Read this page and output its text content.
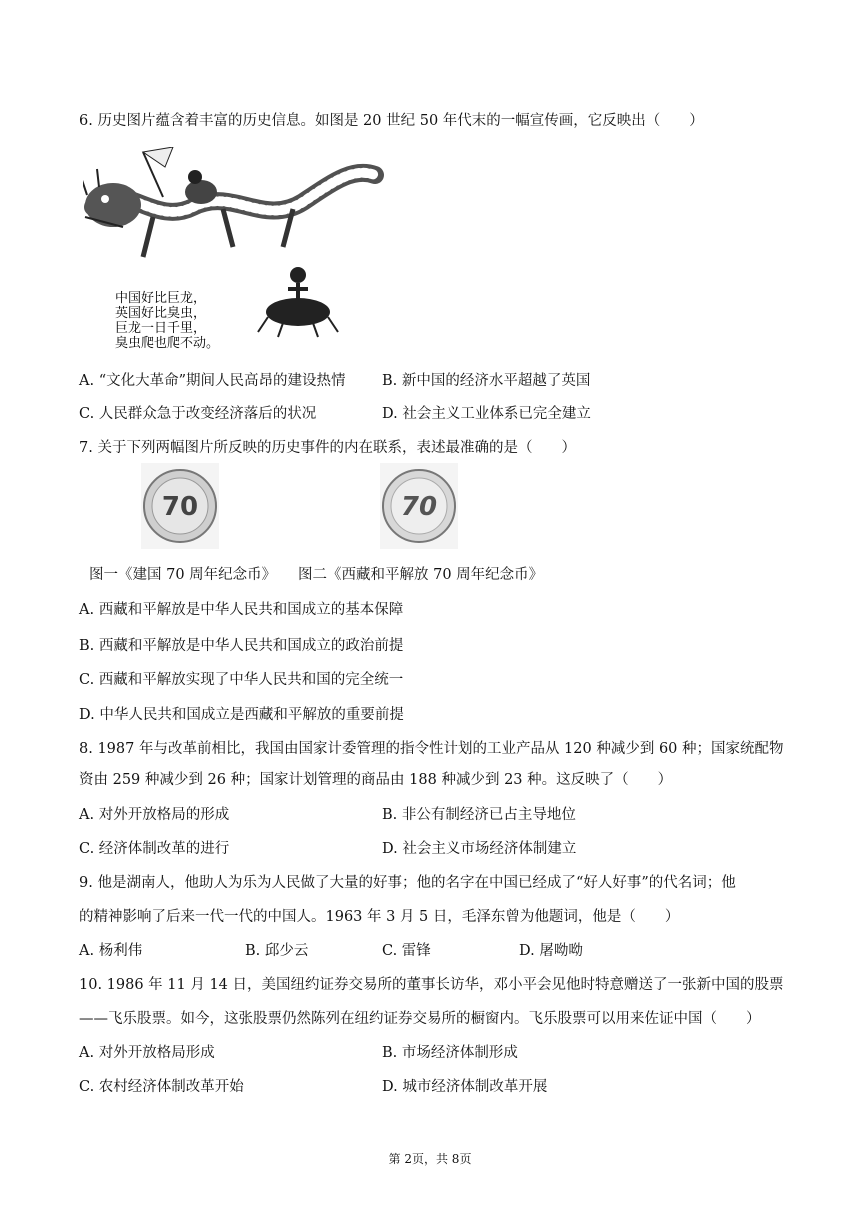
6. 历史图片蕴含着丰富的历史信息。如图是 20 世纪 50 年代末的一幅宣传画，它反映出（　　）
中国好比巨龙，
英国好比臭虫，
巨龙一日千里，
臭虫爬也爬不动。
A. “文化大革命”期间人民高昂的建设热情	B. 新中国的经济水平超越了英国
C. 人民群众急于改变经济落后的状况	D. 社会主义工业体系已完全建立
7. 关于下列两幅图片所反映的历史事件的内在联系，表述最准确的是（　　）
70	70
图一《建国 70 周年纪念币》 图二《西藏和平解放 70 周年纪念币》
A. 西藏和平解放是中华人民共和国成立的基本保障
B. 西藏和平解放是中华人民共和国成立的政治前提
C. 西藏和平解放实现了中华人民共和国的完全统一
D. 中华人民共和国成立是西藏和平解放的重要前提
8. 1987 年与改革前相比，我国由国家计委管理的指令性计划的工业产品从 120 种减少到 60 种；国家统配物
资由 259 种减少到 26 种；国家计划管理的商品由 188 种减少到 23 种。这反映了（　　）
A. 对外开放格局的形成	B. 非公有制经济已占主导地位
C. 经济体制改革的进行	D. 社会主义市场经济体制建立
9. 他是湖南人，他助人为乐为人民做了大量的好事；他的名字在中国已经成了“好人好事”的代名词；他
的精神影响了后来一代一代的中国人。1963 年 3 月 5 日，毛泽东曾为他题词，他是（　　）
A. 杨利伟	B. 邱少云	C. 雷锋	D. 屠呦呦
10. 1986 年 11 月 14 日，美国纽约证券交易所的董事长访华，邓小平会见他时特意赠送了一张新中国的股票
——飞乐股票。如今，这张股票仍然陈列在纽约证券交易所的橱窗内。飞乐股票可以用来佐证中国（　　）
A. 对外开放格局形成	B. 市场经济体制形成
C. 农村经济体制改革开始	D. 城市经济体制改革开展
第 2页，共 8页
